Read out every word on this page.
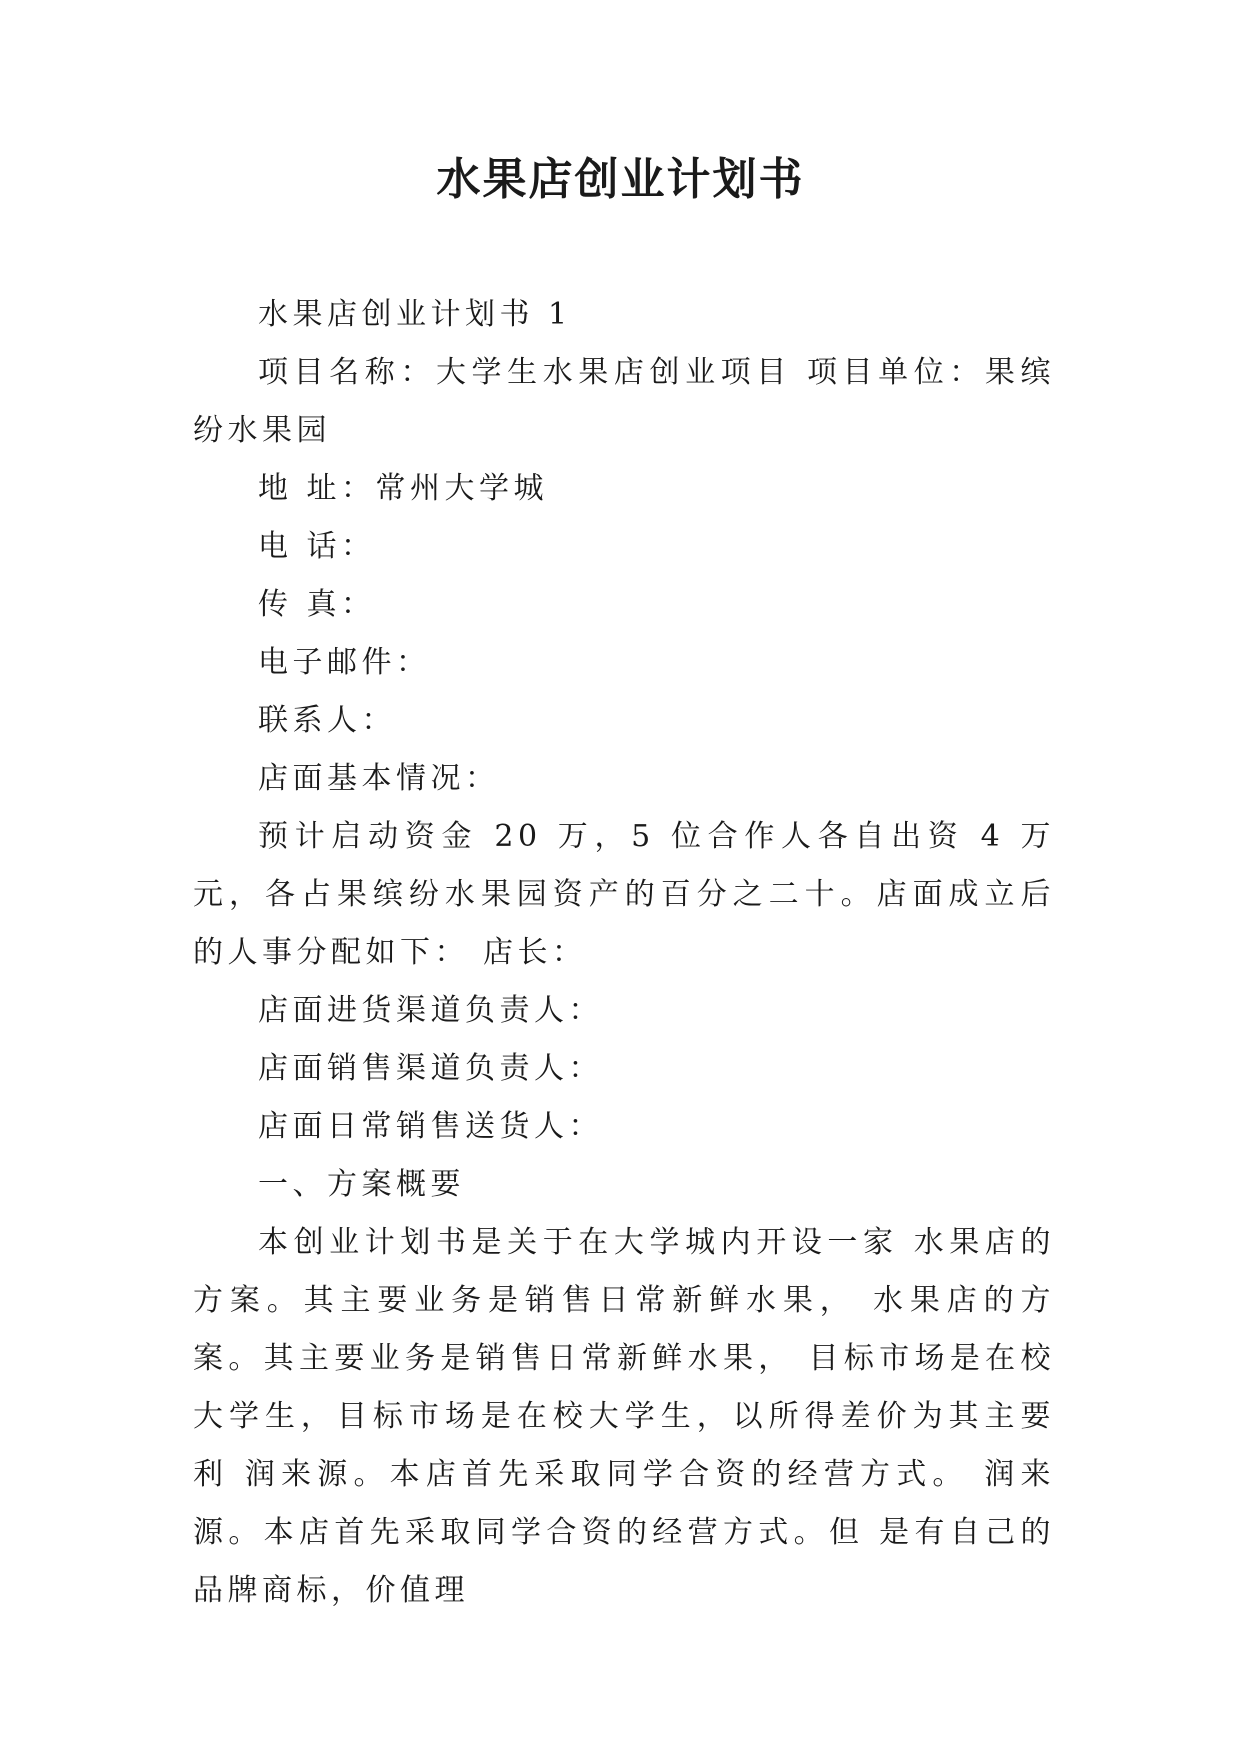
水果店创业计划书

水果店创业计划书 1

项目名称：大学生水果店创业项目 项目单位：果缤纷水果园

地 址：常州大学城

电 话：

传 真：

电子邮件：

联系人：

店面基本情况：

预计启动资金 20 万，5 位合作人各自出资 4 万元，各占果缤纷水果园资产的百分之二十。店面成立后的人事分配如下： 店长：

店面进货渠道负责人：

店面销售渠道负责人：

店面日常销售送货人：

一、方案概要

本创业计划书是关于在大学城内开设一家 水果店的方案。其主要业务是销售日常新鲜水果， 水果店的方案。其主要业务是销售日常新鲜水果， 目标市场是在校大学生，目标市场是在校大学生，以所得差价为其主要利 润来源。本店首先采取同学合资的经营方式。 润来源。本店首先采取同学合资的经营方式。但 是有自己的品牌商标，价值理
